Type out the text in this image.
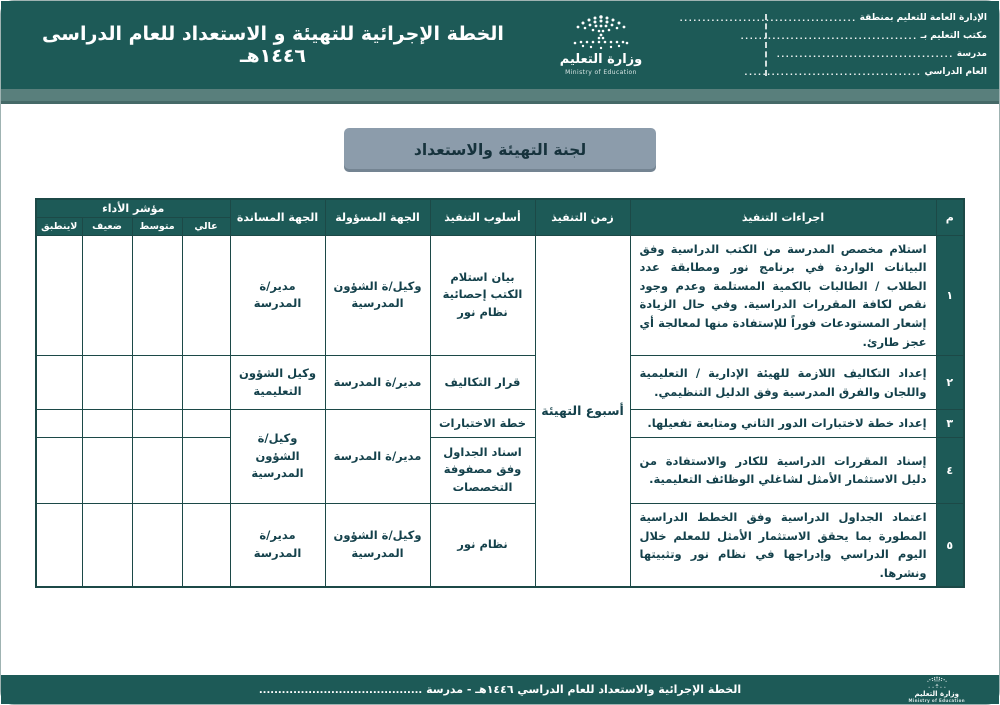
الإدارة العامة للتعليم بمنطقة
.......................................
مكتب التعليم بـ
.......................................
مدرسة
.......................................
العام الدراسي
.......................................
وزارة التعليم
Ministry of Education
الخطة الإجرائية للتهيئة و الاستعداد للعام الدراسى ١٤٤٦هـ
لجنة التهيئة والاستعداد
م	اجراءات التنفيذ	زمن التنفيذ	أسلوب التنفيذ	الجهة المسؤولة	الجهة المساندة	مؤشر الأداء			
						عالي	متوسط	ضعيف	لاينطبق
١	استلام مخصص المدرسة من الكتب الدراسية وفق البيانات الواردة في برنامج نور ومطابقة عدد الطلاب / الطالبات بالكمية المستلمة وعدم وجود نقص لكافة المقررات الدراسية. وفي حال الزيادة إشعار المستودعات فوراً للإستفادة منها لمعالجة أي عجز طارئ.	أسبوع التهيئة	بيان استلام الكتب إحصائية نظام نور	وكيل/ة الشؤون المدرسية	مدير/ة المدرسة				
٢	إعداد التكاليف اللازمة للهيئة الإدارية / التعليمية واللجان والفرق المدرسية وفق الدليل التنظيمي.		قرار التكاليف	مدير/ة المدرسة	وكيل الشؤون التعليمية				
٣	إعداد خطة لاختبارات الدور الثاني ومتابعة تفعيلها.		خطة الاختبارات	مدير/ة المدرسة	وكيل/ة الشؤون المدرسية				
٤	إسناد المقررات الدراسية للكادر والاستفادة من دليل الاستثمار الأمثل لشاغلي الوظائف التعليمية.		اسناد الجداول وفق مصفوفة التخصصات						
٥	اعتماد الجداول الدراسية وفق الخطط الدراسية المطورة بما يحقق الاستثمار الأمثل للمعلم خلال اليوم الدراسي وإدراجها في نظام نور وتثبيتها ونشرها.		نظام نور	وكيل/ة الشؤون المدرسية	مدير/ة المدرسة				
الخطة الإجرائية والاستعداد للعام الدراسي ١٤٤٦هـ - مدرسة ...........................................	وزارة التعليم
Ministry of Education
